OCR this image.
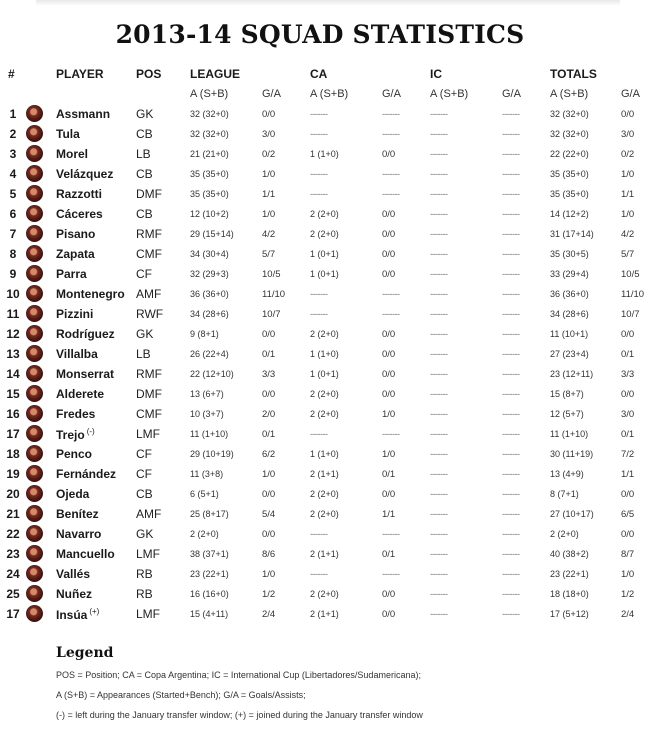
2013-14 SQUAD STATISTICS
#	PLAYER	POS LEAGUE	CA	IC	TOTALS
A (S+B)	G/A	A (S+B)	G/A	A (S+B)	G/A	A (S+B)	G/A
1		Assmann	GK	32 (32+0)	0/0	-------	-------	-------	-------	32 (32+0)	0/0
2		Tula	CB	32 (32+0)	3/0	-------	-------	-------	-------	32 (32+0)	3/0
3		Morel	LB	21 (21+0)	0/2	1 (1+0)	0/0	-------	-------	22 (22+0)	0/2
4		Velázquez	CB	35 (35+0)	1/0	-------	-------	-------	-------	35 (35+0)	1/0
5		Razzotti	DMF	35 (35+0)	1/1	-------	-------	-------	-------	35 (35+0)	1/1
6		Cáceres	CB	12 (10+2)	1/0	2 (2+0)	0/0	-------	-------	14 (12+2)	1/0
7		Pisano	RMF	29 (15+14)	4/2	2 (2+0)	0/0	-------	-------	31 (17+14)	4/2
8		Zapata	CMF	34 (30+4)	5/7	1 (0+1)	0/0	-------	-------	35 (30+5)	5/7
9		Parra	CF	32 (29+3)	10/5	1 (0+1)	0/0	-------	-------	33 (29+4)	10/5
10		Montenegro	AMF	36 (36+0)	11/10	-------	-------	-------	-------	36 (36+0)	11/10
11		Pizzini	RWF	34 (28+6)	10/7	-------	-------	-------	-------	34 (28+6)	10/7
12		Rodríguez	GK	9 (8+1)	0/0	2 (2+0)	0/0	-------	-------	11 (10+1)	0/0
13		Villalba	LB	26 (22+4)	0/1	1 (1+0)	0/0	-------	-------	27 (23+4)	0/1
14		Monserrat	RMF	22 (12+10)	3/3	1 (0+1)	0/0	-------	-------	23 (12+11)	3/3
15		Alderete	DMF	13 (6+7)	0/0	2 (2+0)	0/0	-------	-------	15 (8+7)	0/0
16		Fredes	CMF	10 (3+7)	2/0	2 (2+0)	1/0	-------	-------	12 (5+7)	3/0
17		Trejo (-)	LMF	11 (1+10)	0/1	-------	-------	-------	-------	11 (1+10)	0/1
18		Penco	CF	29 (10+19)	6/2	1 (1+0)	1/0	-------	-------	30 (11+19)	7/2
19		Fernández	CF	11 (3+8)	1/0	2 (1+1)	0/1	-------	-------	13 (4+9)	1/1
20		Ojeda	CB	6 (5+1)	0/0	2 (2+0)	0/0	-------	-------	8 (7+1)	0/0
21		Benítez	AMF	25 (8+17)	5/4	2 (2+0)	1/1	-------	-------	27 (10+17)	6/5
22		Navarro	GK	2 (2+0)	0/0	-------	-------	-------	-------	2 (2+0)	0/0
23		Mancuello	LMF	38 (37+1)	8/6	2 (1+1)	0/1	-------	-------	40 (38+2)	8/7
24		Vallés	RB	23 (22+1)	1/0	-------	-------	-------	-------	23 (22+1)	1/0
25		Nuñez	RB	16 (16+0)	1/2	2 (2+0)	0/0	-------	-------	18 (18+0)	1/2
17		Insúa (+)	LMF	15 (4+11)	2/4	2 (1+1)	0/0	-------	-------	17 (5+12)	2/4
Legend
POS = Position; CA = Copa Argentina; IC = International Cup (Libertadores/Sudamericana);
A (S+B) = Appearances (Started+Bench); G/A = Goals/Assists;
(-) = left during the January transfer window; (+) = joined during the January transfer window
